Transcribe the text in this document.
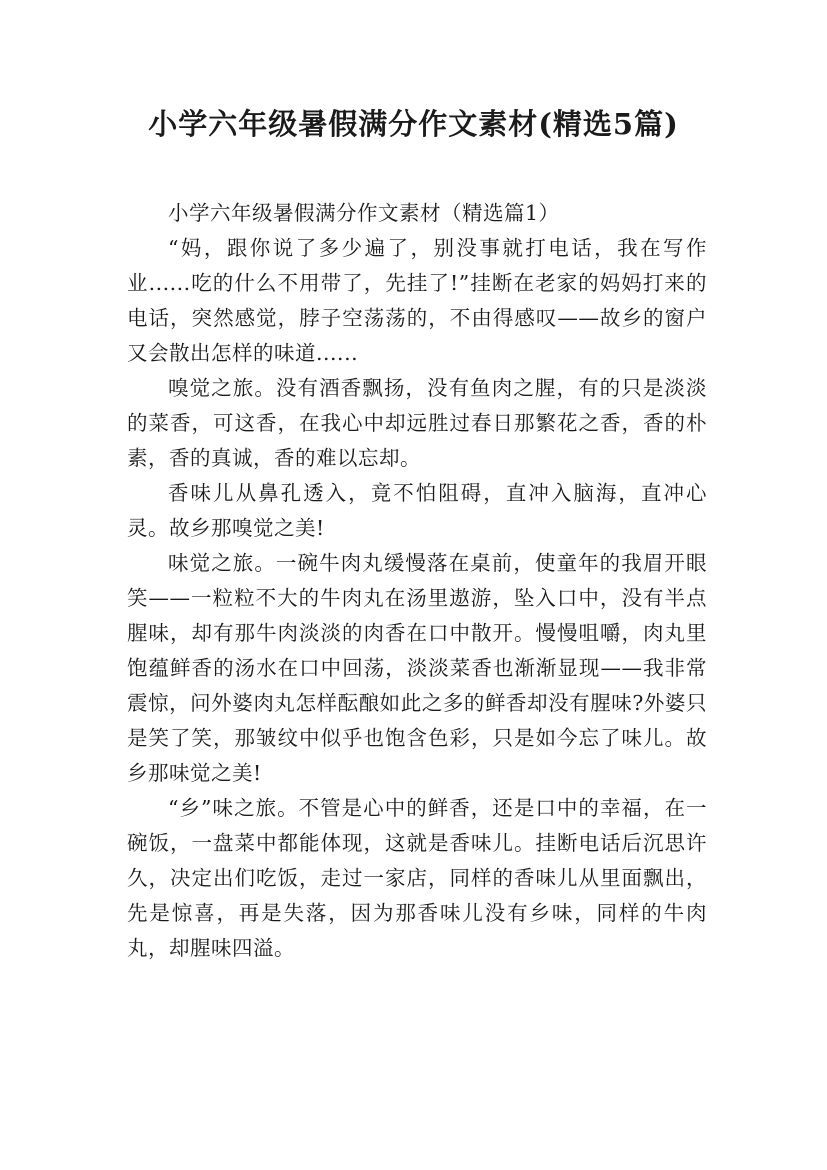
小学六年级暑假满分作文素材(精选5篇)

小学六年级暑假满分作文素材（精选篇1）

“妈，跟你说了多少遍了，别没事就打电话，我在写作业......吃的什么不用带了，先挂了!”挂断在老家的妈妈打来的电话，突然感觉，脖子空荡荡的，不由得感叹——故乡的窗户又会散出怎样的味道......

嗅觉之旅。没有酒香飘扬，没有鱼肉之腥，有的只是淡淡的菜香，可这香，在我心中却远胜过春日那繁花之香，香的朴素，香的真诚，香的难以忘却。

香味儿从鼻孔透入，竟不怕阻碍，直冲入脑海，直冲心灵。故乡那嗅觉之美!

味觉之旅。一碗牛肉丸缓慢落在桌前，使童年的我眉开眼笑——一粒粒不大的牛肉丸在汤里遨游，坠入口中，没有半点腥味，却有那牛肉淡淡的肉香在口中散开。慢慢咀嚼，肉丸里饱蕴鲜香的汤水在口中回荡，淡淡菜香也渐渐显现——我非常震惊，问外婆肉丸怎样酝酿如此之多的鲜香却没有腥味?外婆只是笑了笑，那皱纹中似乎也饱含色彩，只是如今忘了味儿。故乡那味觉之美!

“乡”味之旅。不管是心中的鲜香，还是口中的幸福，在一碗饭，一盘菜中都能体现，这就是香味儿。挂断电话后沉思许久，决定出们吃饭，走过一家店，同样的香味儿从里面飘出，先是惊喜，再是失落，因为那香味儿没有乡味，同样的牛肉丸，却腥味四溢。
